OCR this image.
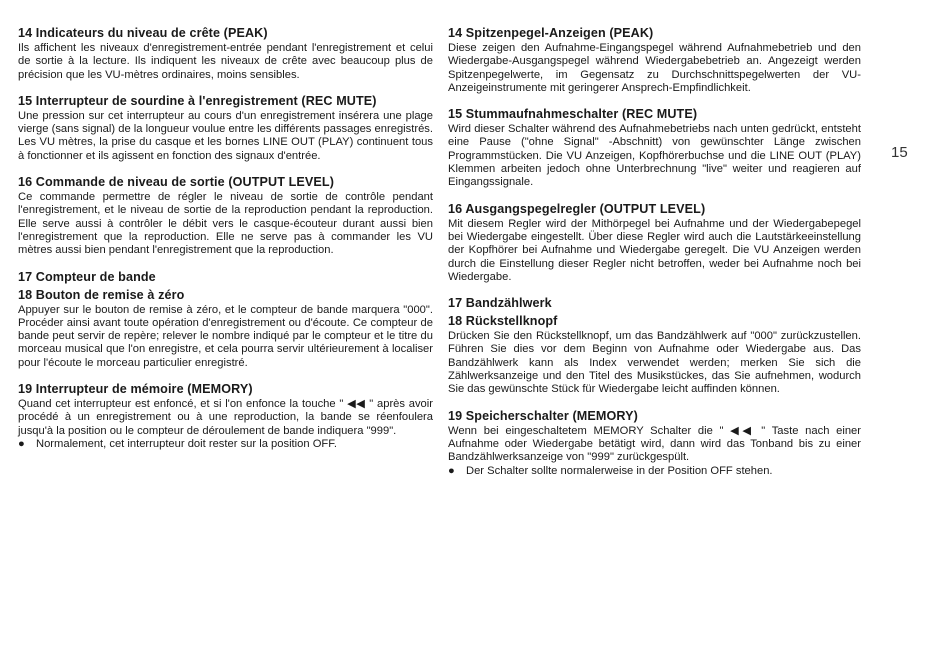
14 Indicateurs du niveau de crête (PEAK)

Ils affichent les niveaux d'enregistrement-entrée pendant l'enregistrement et celui de sortie à la lecture. Ils indiquent les niveaux de crête avec beaucoup plus de précision que les VU-mètres ordinaires, moins sensibles.

15 Interrupteur de sourdine à l'enregistrement (REC MUTE)

Une pression sur cet interrupteur au cours d'un enregistrement insérera une plage vierge (sans signal) de la longueur voulue entre les différents passages enregistrés. Les VU mètres, la prise du casque et les bornes LINE OUT (PLAY) continuent tous à fonctionner et ils agissent en fonction des signaux d'entrée.

16 Commande de niveau de sortie (OUTPUT LEVEL)

Ce commande permettre de régler le niveau de sortie de contrôle pendant l'enregistrement, et le niveau de sortie de la reproduction pendant la reproduction. Elle serve aussi à contrôler le débit vers le casque-écouteur durant aussi bien l'enregistrement que la reproduction. Elle ne serve pas à commander les VU mètres aussi bien pendant l'enregistrement que la reproduction.

17 Compteur de bande
18 Bouton de remise à zéro

Appuyer sur le bouton de remise à zéro, et le compteur de bande marquera "000". Procéder ainsi avant toute opération d'enregistrement ou d'écoute. Ce compteur de bande peut servir de repère; relever le nombre indiqué par le compteur et le titre du morceau musical que l'on enregistre, et cela pourra servir ultérieurement à localiser pour l'écoute le morceau particulier enregistré.

19 Interrupteur de mémoire (MEMORY)

Quand cet interrupteur est enfoncé, et si l'on enfonce la touche " ◀◀ " après avoir procédé à un enregistrement ou à une reproduction, la bande se réenfoulera jusqu'à la position ou le compteur de déroulement de bande indiquera "999".

●	Normalement, cet interrupteur doit rester sur la position OFF.
14 Spitzenpegel-Anzeigen (PEAK)

Diese zeigen den Aufnahme-Eingangspegel während Aufnahmebetrieb und den Wiedergabe-Ausgangspegel während Wiedergabebetrieb an. Angezeigt werden Spitzenpegelwerte, im Gegensatz zu Durchschnittspegelwerten der VU-Anzeigeinstrumente mit geringerer Ansprech-Empfindlichkeit.

15 Stummaufnahmeschalter (REC MUTE)

Wird dieser Schalter während des Aufnahmebetriebs nach unten gedrückt, entsteht eine Pause ("ohne Signal" -Abschnitt) von gewünschter Länge zwischen Programmstücken. Die VU Anzeigen, Kopfhörerbuchse und die LINE OUT (PLAY) Klemmen arbeiten jedoch ohne Unterbrechnung "live" weiter und reagieren auf Eingangssignale.

16 Ausgangspegelregler (OUTPUT LEVEL)

Mit diesem Regler wird der Mithörpegel bei Aufnahme und der Wiedergabepegel bei Wiedergabe eingestellt. Über diese Regler wird auch die Lautstärkeeinstellung der Kopfhörer bei Aufnahme und Wiedergabe geregelt. Die VU Anzeigen werden durch die Einstellung dieser Regler nicht betroffen, weder bei Aufnahme noch bei Wiedergabe.

17 Bandzählwerk
18 Rückstellknopf

Drücken Sie den Rückstellknopf, um das Bandzählwerk auf "000" zurückzustellen. Führen Sie dies vor dem Beginn von Aufnahme oder Wiedergabe aus. Das Bandzählwerk kann als Index verwendet werden; merken Sie sich die Zählwerksanzeige und den Titel des Musikstückes, das Sie aufnehmen, wodurch Sie das gewünschte Stück für Wiedergabe leicht auffinden können.

19 Speicherschalter (MEMORY)

Wenn bei eingeschaltetem MEMORY Schalter die " ◀◀ " Taste nach einer Aufnahme oder Wiedergabe betätigt wird, dann wird das Tonband bis zu einer Bandzählwerksanzeige von "999" zurückgespült.

●	Der Schalter sollte normalerweise in der Position OFF stehen.
15
